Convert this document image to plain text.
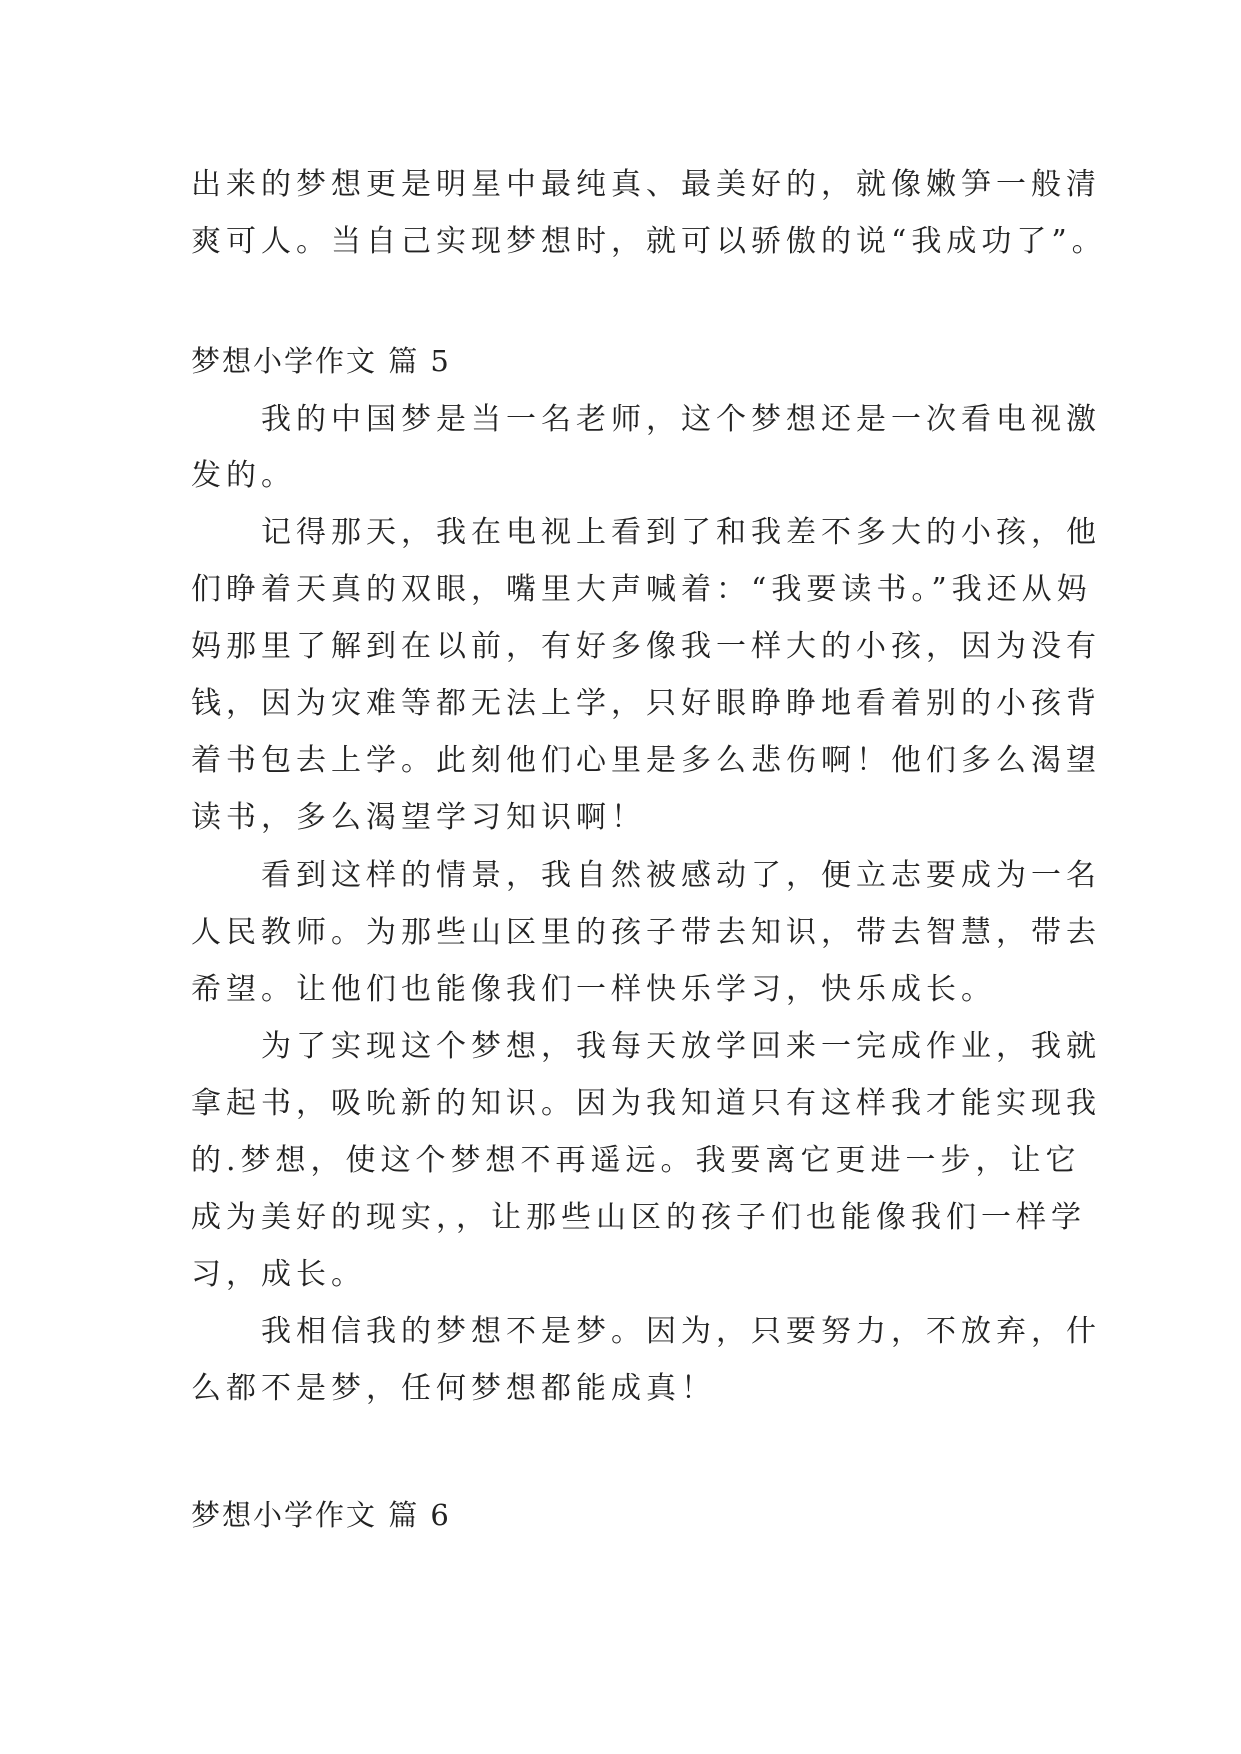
出来的梦想更是明星中最纯真、最美好的，就像嫩笋一般清
爽可人。当自己实现梦想时，就可以骄傲的说“我成功了”。
梦想小学作文 篇 5
　　我的中国梦是当一名老师，这个梦想还是一次看电视激
发的。
　　记得那天，我在电视上看到了和我差不多大的小孩，他
们睁着天真的双眼，嘴里大声喊着：“我要读书。”我还从妈
妈那里了解到在以前，有好多像我一样大的小孩，因为没有
钱，因为灾难等都无法上学，只好眼睁睁地看着别的小孩背
着书包去上学。此刻他们心里是多么悲伤啊！他们多么渴望
读书，多么渴望学习知识啊！
　　看到这样的情景，我自然被感动了，便立志要成为一名
人民教师。为那些山区里的孩子带去知识，带去智慧，带去
希望。让他们也能像我们一样快乐学习，快乐成长。
　　为了实现这个梦想，我每天放学回来一完成作业，我就
拿起书，吸吮新的知识。因为我知道只有这样我才能实现我
的.梦想，使这个梦想不再遥远。我要离它更进一步，让它
成为美好的现实，，让那些山区的孩子们也能像我们一样学
习，成长。
　　我相信我的梦想不是梦。因为，只要努力，不放弃，什
么都不是梦，任何梦想都能成真！
梦想小学作文 篇 6
